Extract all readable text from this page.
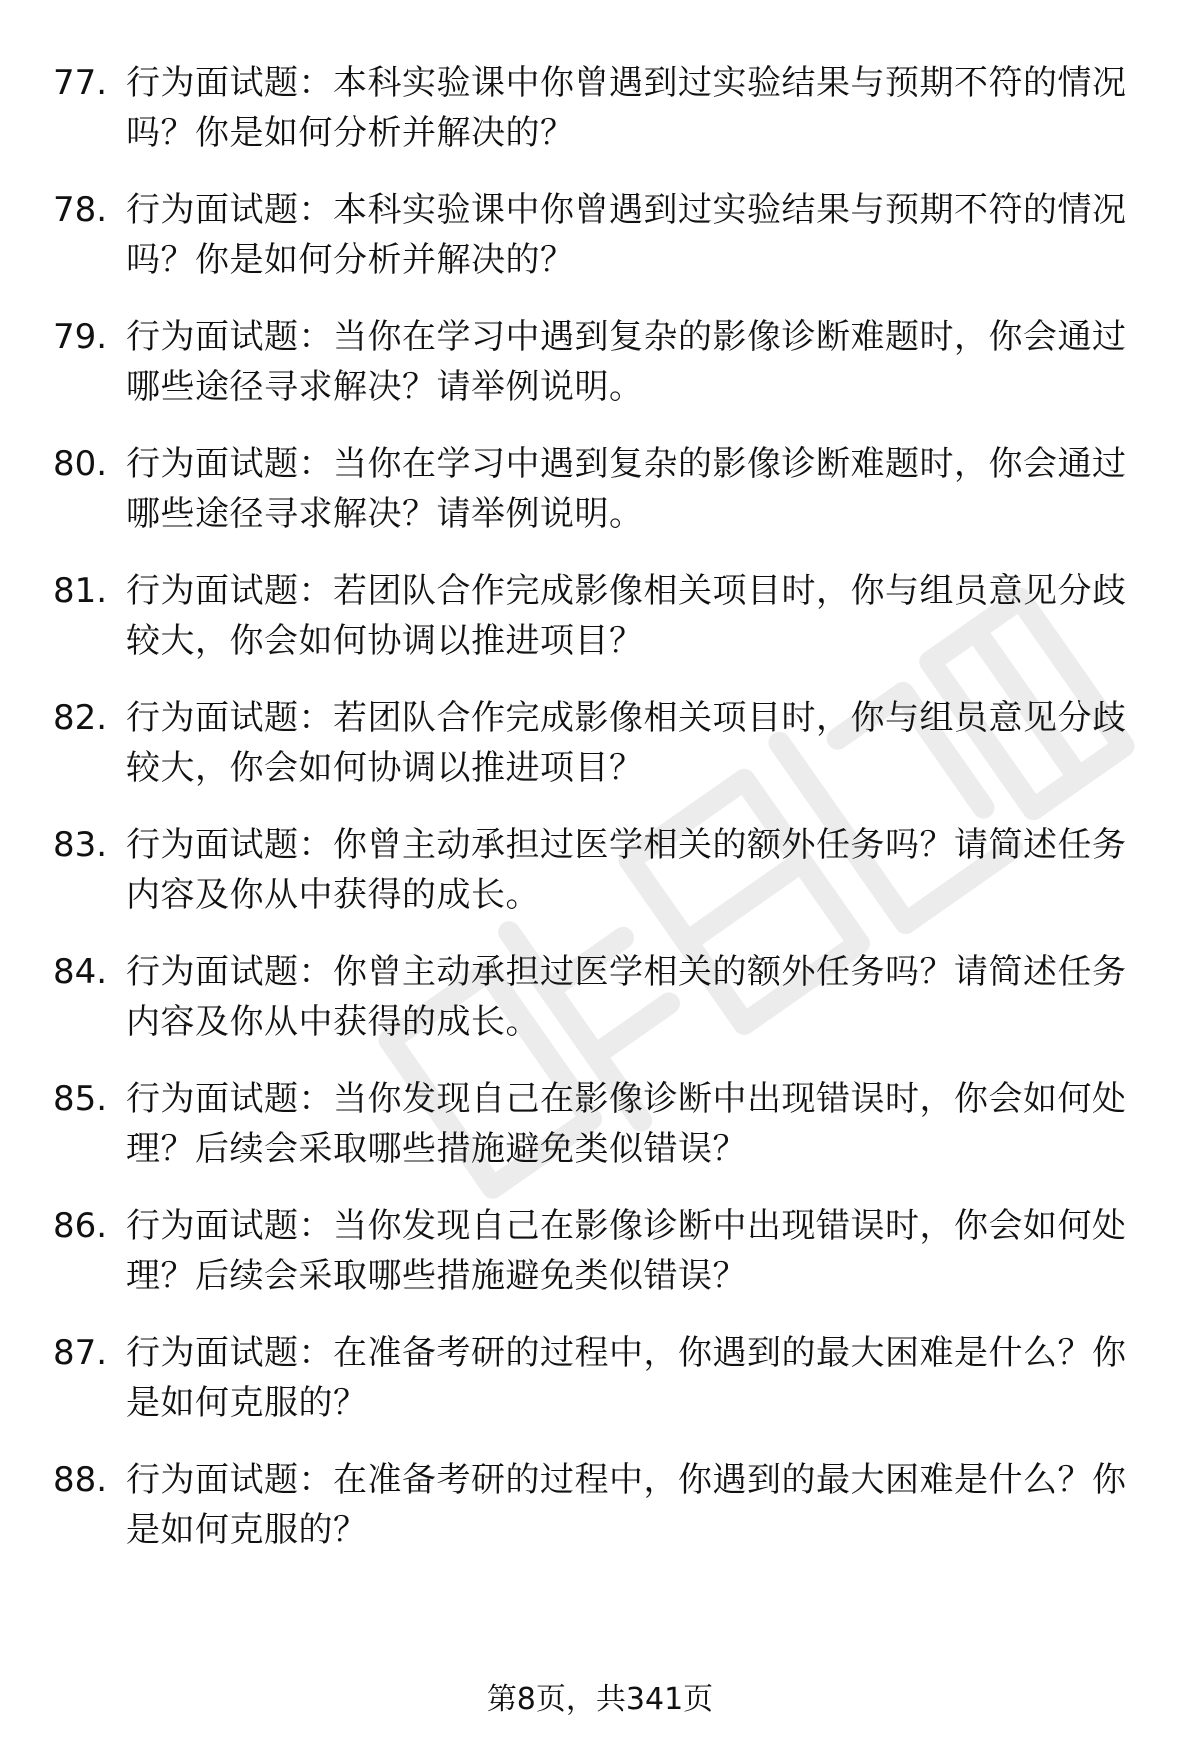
77. 行为面试题：本科实验课中你曾遇到过实验结果与预期不符的情况吗？你是如何分析并解决的？
78. 行为面试题：本科实验课中你曾遇到过实验结果与预期不符的情况吗？你是如何分析并解决的？
79. 行为面试题：当你在学习中遇到复杂的影像诊断难题时，你会通过哪些途径寻求解决？请举例说明。
80. 行为面试题：当你在学习中遇到复杂的影像诊断难题时，你会通过哪些途径寻求解决？请举例说明。
81. 行为面试题：若团队合作完成影像相关项目时，你与组员意见分歧较大，你会如何协调以推进项目？
82. 行为面试题：若团队合作完成影像相关项目时，你与组员意见分歧较大，你会如何协调以推进项目？
83. 行为面试题：你曾主动承担过医学相关的额外任务吗？请简述任务内容及你从中获得的成长。
84. 行为面试题：你曾主动承担过医学相关的额外任务吗？请简述任务内容及你从中获得的成长。
85. 行为面试题：当你发现自己在影像诊断中出现错误时，你会如何处理？后续会采取哪些措施避免类似错误？
86. 行为面试题：当你发现自己在影像诊断中出现错误时，你会如何处理？后续会采取哪些措施避免类似错误？
87. 行为面试题：在准备考研的过程中，你遇到的最大困难是什么？你是如何克服的？
88. 行为面试题：在准备考研的过程中，你遇到的最大困难是什么？你是如何克服的？
第8页，共341页
